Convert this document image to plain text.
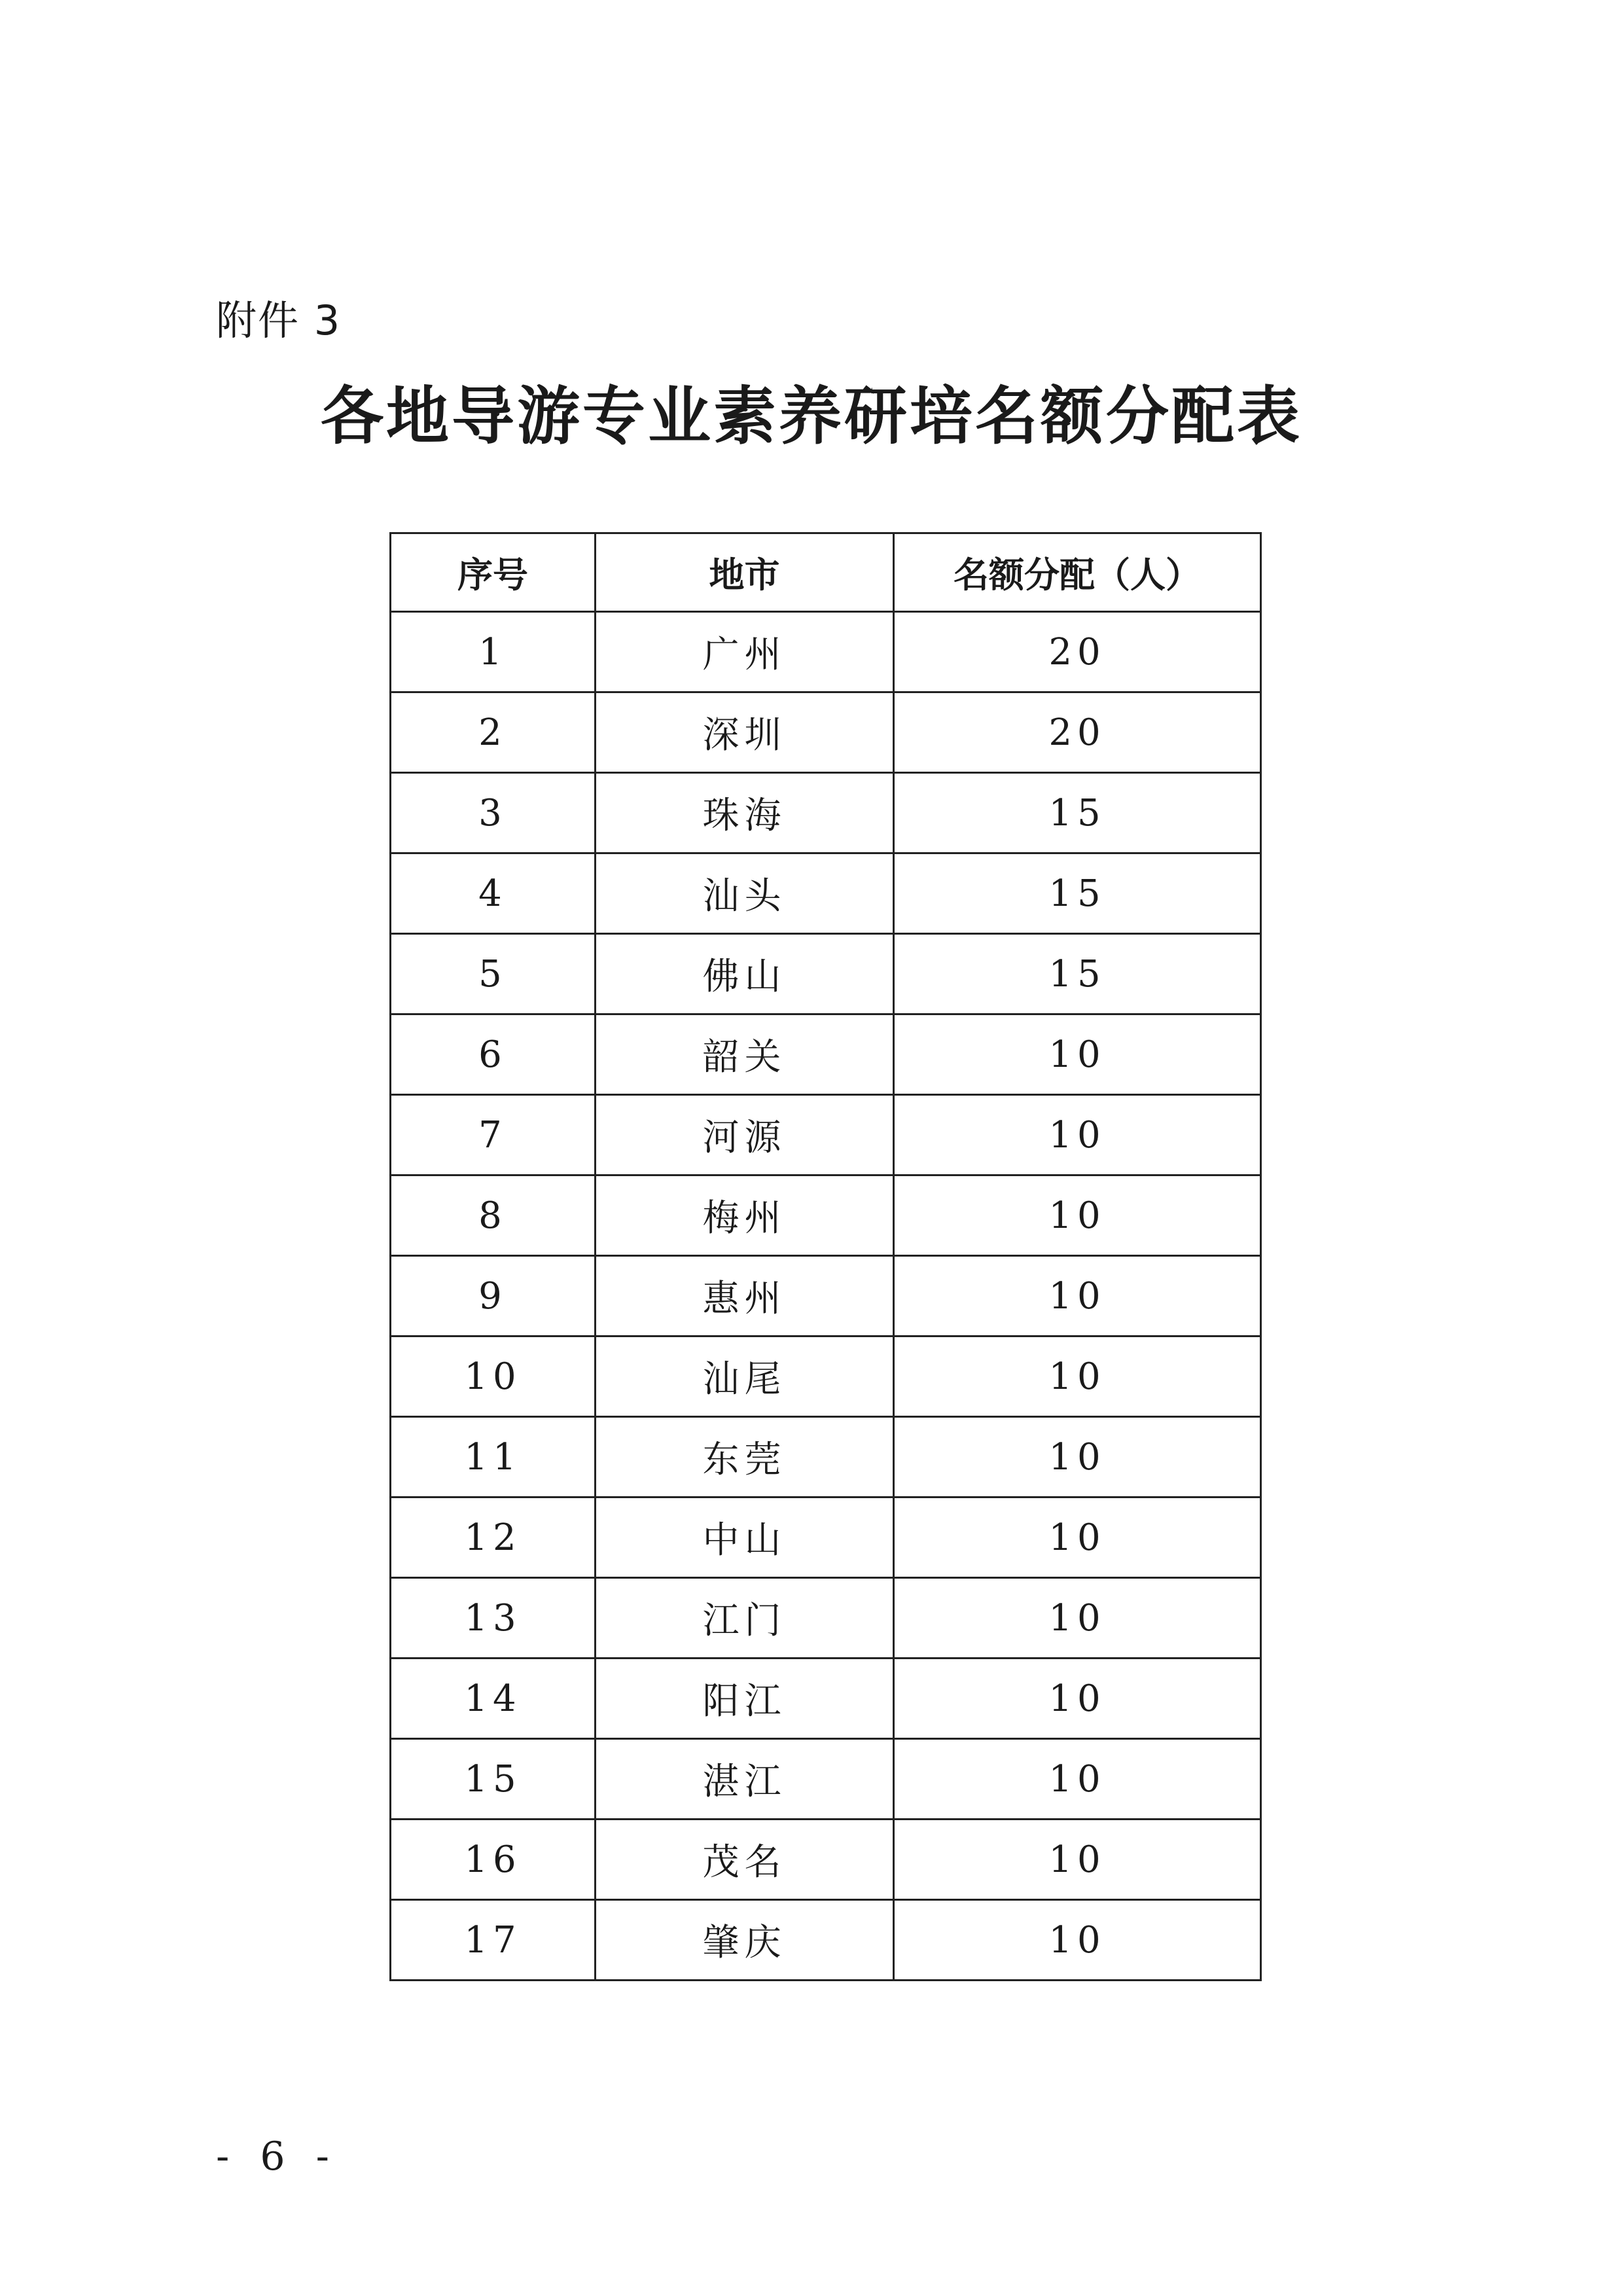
附件 3
各地导游专业素养研培名额分配表
序号	地市	名额分配（人）
1	广州	20
2	深圳	20
3	珠海	15
4	汕头	15
5	佛山	15
6	韶关	10
7	河源	10
8	梅州	10
9	惠州	10
10	汕尾	10
11	东莞	10
12	中山	10
13	江门	10
14	阳江	10
15	湛江	10
16	茂名	10
17	肇庆	10
- 6 -
